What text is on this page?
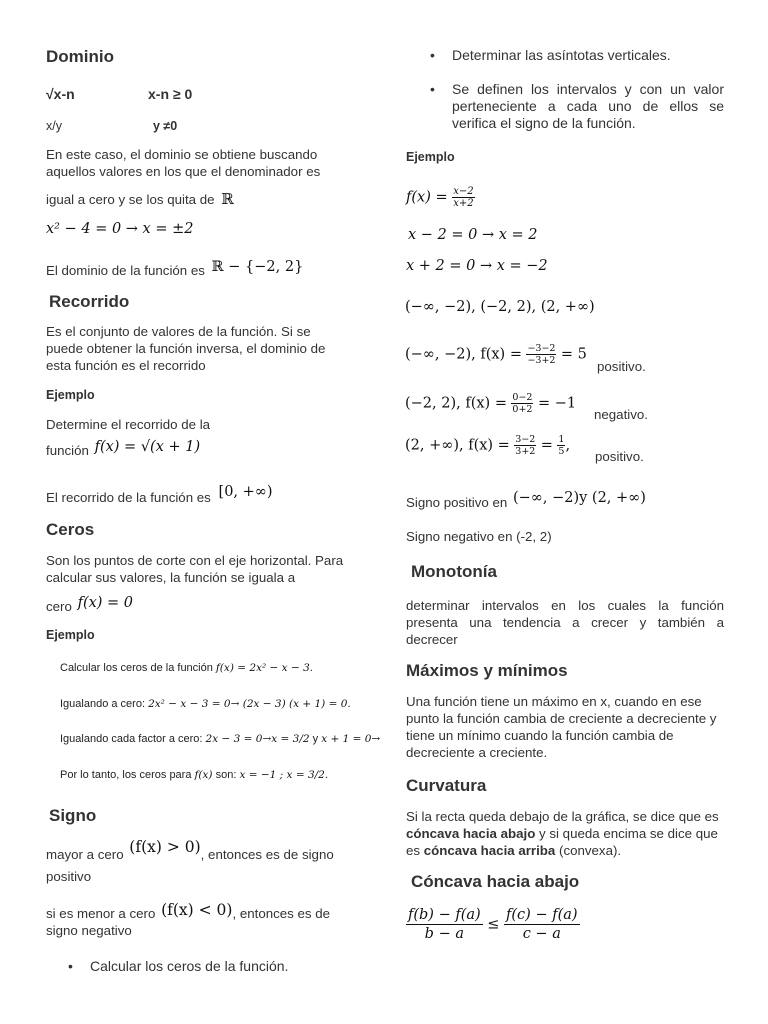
Dominio
√x-n	x-n ≥ 0
x/y	y ≠0
En este caso, el dominio se obtiene buscando
aquellos valores en los que el denominador es
igual a cero y se los quita de ℝ
x² − 4 = 0 → x = ±2
El dominio de la función es ℝ − {−2, 2}
Recorrido
Es el conjunto de valores de la función. Si se puede obtener la función inversa, el dominio de esta función es el recorrido
Ejemplo
Determine el recorrido de la
función f(x) = √(x + 1)
El recorrido de la función es [0, +∞)
Ceros
Son los puntos de corte con el eje horizontal. Para calcular sus valores, la función se iguala a
cero f(x) = 0
Ejemplo
Calcular los ceros de la función f(x) = 2x² − x − 3.
Igualando a cero: 2x² − x − 3 = 0→ (2x − 3) (x + 1) = 0.
Igualando cada factor a cero: 2x − 3 = 0→x = 3/2 y x + 1 = 0→
Por lo tanto, los ceros para f(x) son: x = −1 ; x = 3/2.
Signo
mayor a cero (f(x) > 0), entonces es de signo
positivo
si es menor a cero (f(x) < 0), entonces es de
signo negativo
• Calcular los ceros de la función.
• Determinar las asíntotas verticales.
• Se definen los intervalos y con un valor perteneciente a cada uno de ellos se verifica el signo de la función.
Ejemplo
$f(x) = \frac{x-2}{x+2}$
x − 2 = 0 → x = 2
x + 2 = 0 → x = −2
(−∞, −2), (−2, 2), (2, +∞)
(−∞, −2), $f(x) = \frac{-3-2}{-3+2} = 5$
positivo.
(−2, 2), $f(x) = \frac{0-2}{0+2} = -1$
negativo.
(2, +∞), $f(x) = \frac{3-2}{3+2} = \frac{1}{5}$ ,
positivo.
Signo positivo en (−∞, −2)y (2, +∞)
Signo negativo en (-2, 2)
Monotonía
determinar intervalos en los cuales la función presenta una tendencia a crecer y también a decrecer
Máximos y mínimos
Una función tiene un máximo en x, cuando en ese punto la función cambia de creciente a decreciente y tiene un mínimo cuando la función cambia de decreciente a creciente.
Curvatura
Si la recta queda debajo de la gráfica, se dice que es cóncava hacia abajo y si queda encima se dice que es cóncava hacia arriba (convexa).
Cóncava hacia abajo
$\frac{f(b) - f(a)}{b - a} \le \frac{f(c) - f(a)}{c - a}$
